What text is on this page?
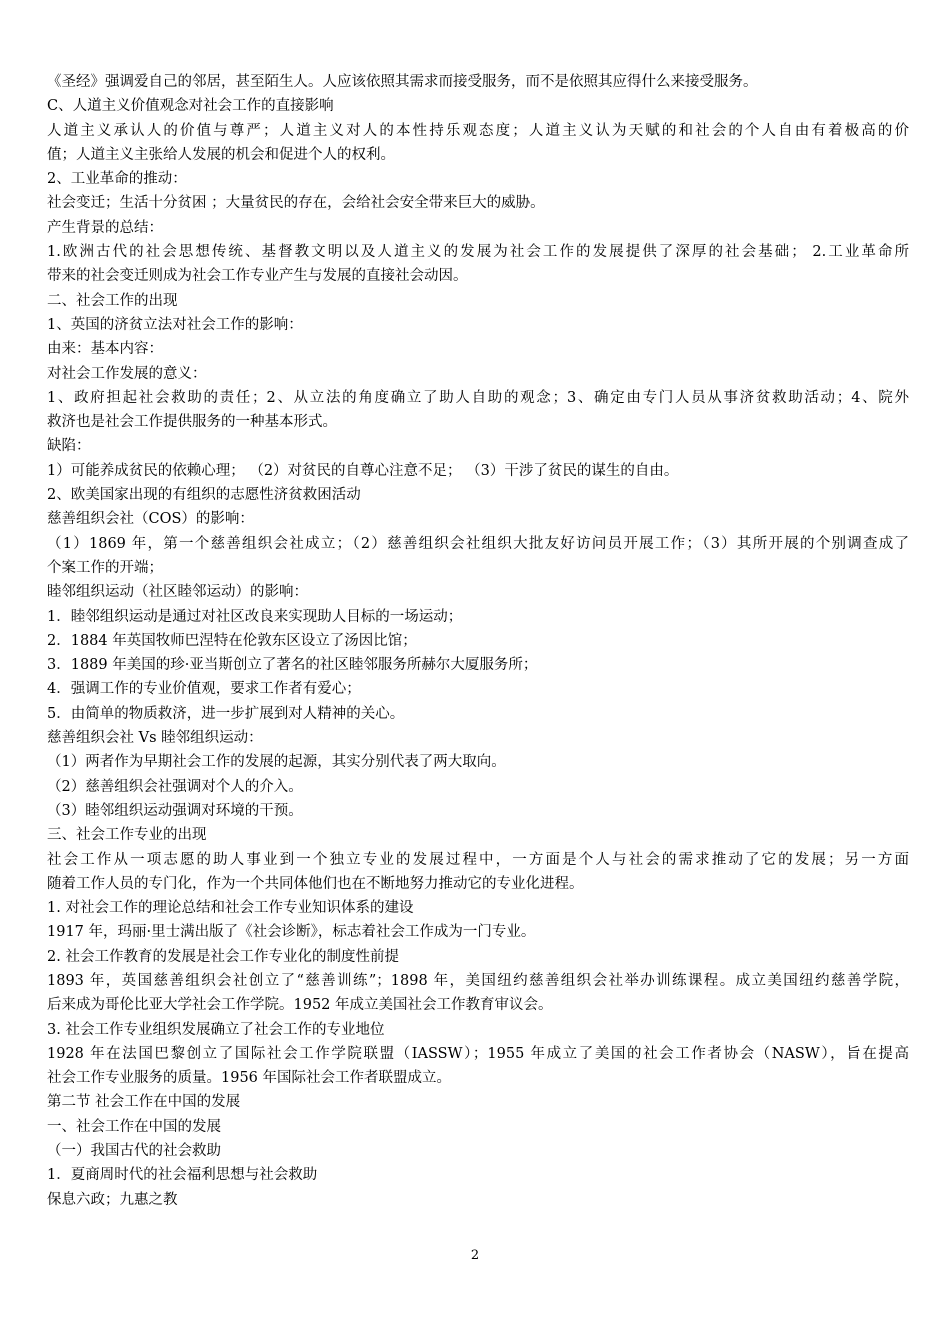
《圣经》强调爱自己的邻居，甚至陌生人。人应该依照其需求而接受服务，而不是依照其应得什么来接受服务。
C、人道主义价值观念对社会工作的直接影响
人道主义承认人的价值与尊严；人道主义对人的本性持乐观态度；人道主义认为天赋的和社会的个人自由有着极高的价
值；人道主义主张给人发展的机会和促进个人的权利。
2、工业革命的推动：
社会变迁；生活十分贫困 ；大量贫民的存在，会给社会安全带来巨大的威胁。
产生背景的总结：
1.欧洲古代的社会思想传统、基督教文明以及人道主义的发展为社会工作的发展提供了深厚的社会基础； 2.工业革命所
带来的社会变迁则成为社会工作专业产生与发展的直接社会动因。
二、社会工作的出现
1、英国的济贫立法对社会工作的影响：
由来：基本内容：
对社会工作发展的意义：
1、政府担起社会救助的责任；2、从立法的角度确立了助人自助的观念；3、确定由专门人员从事济贫救助活动；4、院外
救济也是社会工作提供服务的一种基本形式。
缺陷：
1）可能养成贫民的依赖心理； （2）对贫民的自尊心注意不足； （3）干涉了贫民的谋生的自由。
2、欧美国家出现的有组织的志愿性济贫救困活动
慈善组织会社（COS）的影响：
（1）1869 年，第一个慈善组织会社成立；（2）慈善组织会社组织大批友好访问员开展工作；（3）其所开展的个别调查成了
个案工作的开端；
睦邻组织运动（社区睦邻运动）的影响：
1．睦邻组织运动是通过对社区改良来实现助人目标的一场运动；
2．1884 年英国牧师巴涅特在伦敦东区设立了汤因比馆；
3．1889 年美国的珍·亚当斯创立了著名的社区睦邻服务所赫尔大厦服务所；
4．强调工作的专业价值观，要求工作者有爱心；
5．由简单的物质救济，进一步扩展到对人精神的关心。
慈善组织会社 Vs 睦邻组织运动：
（1）两者作为早期社会工作的发展的起源，其实分别代表了两大取向。
（2）慈善组织会社强调对个人的介入。
（3）睦邻组织运动强调对环境的干预。
三、社会工作专业的出现
社会工作从一项志愿的助人事业到一个独立专业的发展过程中，一方面是个人与社会的需求推动了它的发展；另一方面
随着工作人员的专门化，作为一个共同体他们也在不断地努力推动它的专业化进程。
1. 对社会工作的理论总结和社会工作专业知识体系的建设
1917 年，玛丽·里士满出版了《社会诊断》，标志着社会工作成为一门专业。
2. 社会工作教育的发展是社会工作专业化的制度性前提
1893 年，英国慈善组织会社创立了“慈善训练”；1898 年，美国纽约慈善组织会社举办训练课程。成立美国纽约慈善学院，
后来成为哥伦比亚大学社会工作学院。1952 年成立美国社会工作教育审议会。
3. 社会工作专业组织发展确立了社会工作的专业地位
1928 年在法国巴黎创立了国际社会工作学院联盟（IASSW）；1955 年成立了美国的社会工作者协会（NASW），旨在提高
社会工作专业服务的质量。1956 年国际社会工作者联盟成立。
第二节 社会工作在中国的发展
一、社会工作在中国的发展
（一）我国古代的社会救助
1．夏商周时代的社会福利思想与社会救助
保息六政；九惠之教
2
